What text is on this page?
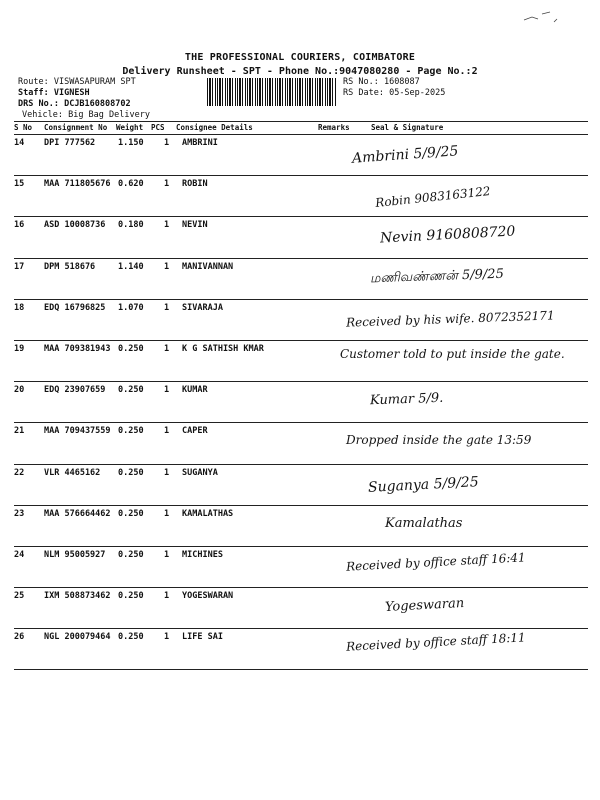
THE PROFESSIONAL COURIERS, COIMBATORE
Delivery Runsheet - SPT - Phone No.:9047080280 - Page No.:2
Route: VISWASAPURAM SPT
Staff: VIGNESH
DRS No.: DCJB160808702
Vehicle: Big Bag Delivery
RS No.: 1608087
RS Date: 05-Sep-2025
S No Consignment No Weight PCS Consignee Details	Remarks	Seal & Signature
14 DPI 777562	1.150 1 AMBRINI
Ambrini 5/9/25
15 MAA 711805676 0.620 1 ROBIN	Robin 9083163122
16 ASD 10008736 0.180 1 NEVIN	Nevin 9160808720
17 DPM 518676	1.140 1 MANIVANNAN	மணிவண்ணன் 5/9/25
18 EDQ 16796825 1.070 1 SIVARAJA
Received by his wife. 8072352171
19 MAA 709381943 0.250 1 K G SATHISH KMAR	Customer told to put inside the gate.
20 EDQ 23907659 0.250 1 KUMAR
Kumar 5/9.
21 MAA 709437559 0.250 1 CAPER
Dropped inside the gate 13:59
22 VLR 4465162 0.250 1 SUGANYA
Suganya 5/9/25
23 MAA 576664462 0.250 1 KAMALATHAS
Kamalathas
24 NLM 95005927 0.250 1 MICHINES	Received by office staff 16:41
25 IXM 508873462 0.250 1 YOGESWARAN	Yogeswaran
26 NGL 200079464 0.250 1 LIFE SAI	Received by office staff 18:11
